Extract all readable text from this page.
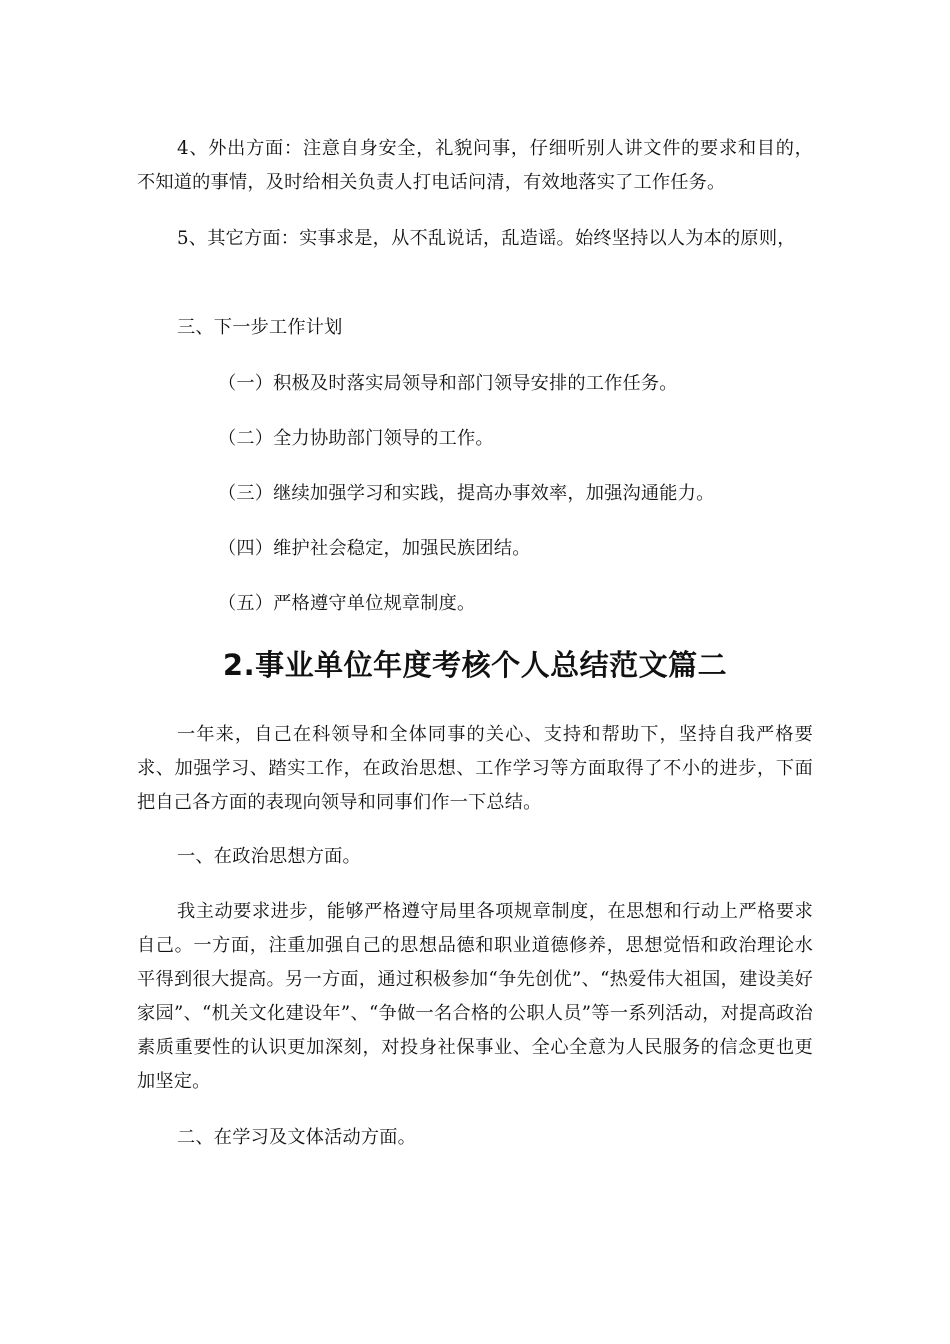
4、外出方面：注意自身安全，礼貌问事，仔细听别人讲文件的要求和目的，不知道的事情，及时给相关负责人打电话问清，有效地落实了工作任务。

5、其它方面：实事求是，从不乱说话，乱造谣。始终坚持以人为本的原则，

三、下一步工作计划

（一）积极及时落实局领导和部门领导安排的工作任务。

（二）全力协助部门领导的工作。

（三）继续加强学习和实践，提高办事效率，加强沟通能力。

（四）维护社会稳定，加强民族团结。

（五）严格遵守单位规章制度。

2.事业单位年度考核个人总结范文篇二

一年来，自己在科领导和全体同事的关心、支持和帮助下，坚持自我严格要求、加强学习、踏实工作，在政治思想、工作学习等方面取得了不小的进步，下面把自己各方面的表现向领导和同事们作一下总结。

一、在政治思想方面。

我主动要求进步，能够严格遵守局里各项规章制度，在思想和行动上严格要求自己。一方面，注重加强自己的思想品德和职业道德修养，思想觉悟和政治理论水平得到很大提高。另一方面，通过积极参加“争先创优”、“热爱伟大祖国，建设美好家园”、“机关文化建设年”、“争做一名合格的公职人员”等一系列活动，对提高政治素质重要性的认识更加深刻，对投身社保事业、全心全意为人民服务的信念更也更加坚定。

二、在学习及文体活动方面。
